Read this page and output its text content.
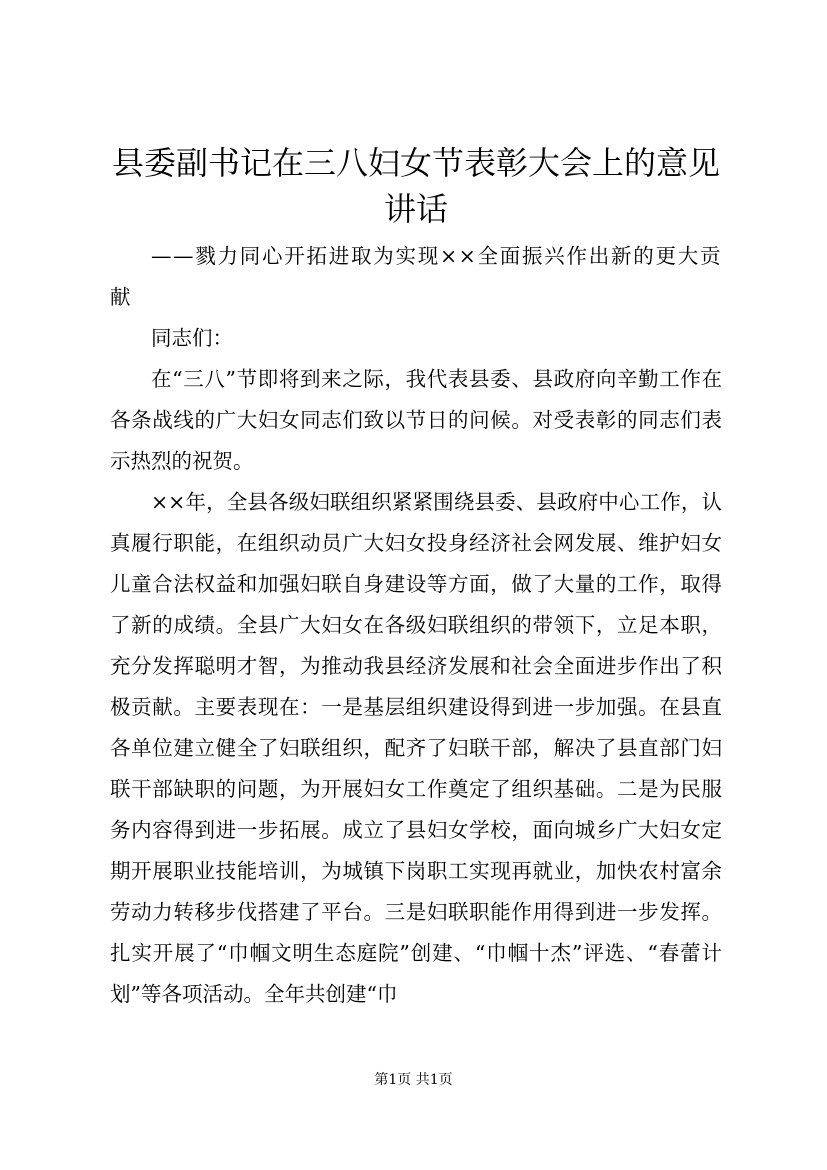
县委副书记在三八妇女节表彰大会上的意见讲话

——戮力同心开拓进取为实现××全面振兴作出新的更大贡献

同志们：

在“三八”节即将到来之际，我代表县委、县政府向辛勤工作在各条战线的广大妇女同志们致以节日的问候。对受表彰的同志们表示热烈的祝贺。

××年，全县各级妇联组织紧紧围绕县委、县政府中心工作，认真履行职能，在组织动员广大妇女投身经济社会网发展、维护妇女儿童合法权益和加强妇联自身建设等方面，做了大量的工作，取得了新的成绩。全县广大妇女在各级妇联组织的带领下，立足本职，充分发挥聪明才智，为推动我县经济发展和社会全面进步作出了积极贡献。主要表现在：一是基层组织建设得到进一步加强。在县直各单位建立健全了妇联组织，配齐了妇联干部，解决了县直部门妇联干部缺职的问题，为开展妇女工作奠定了组织基础。二是为民服务内容得到进一步拓展。成立了县妇女学校，面向城乡广大妇女定期开展职业技能培训，为城镇下岗职工实现再就业，加快农村富余劳动力转移步伐搭建了平台。三是妇联职能作用得到进一步发挥。扎实开展了“巾帼文明生态庭院”创建、“巾帼十杰”评选、“春蕾计划”等各项活动。全年共创建“巾

第1页 共1页
